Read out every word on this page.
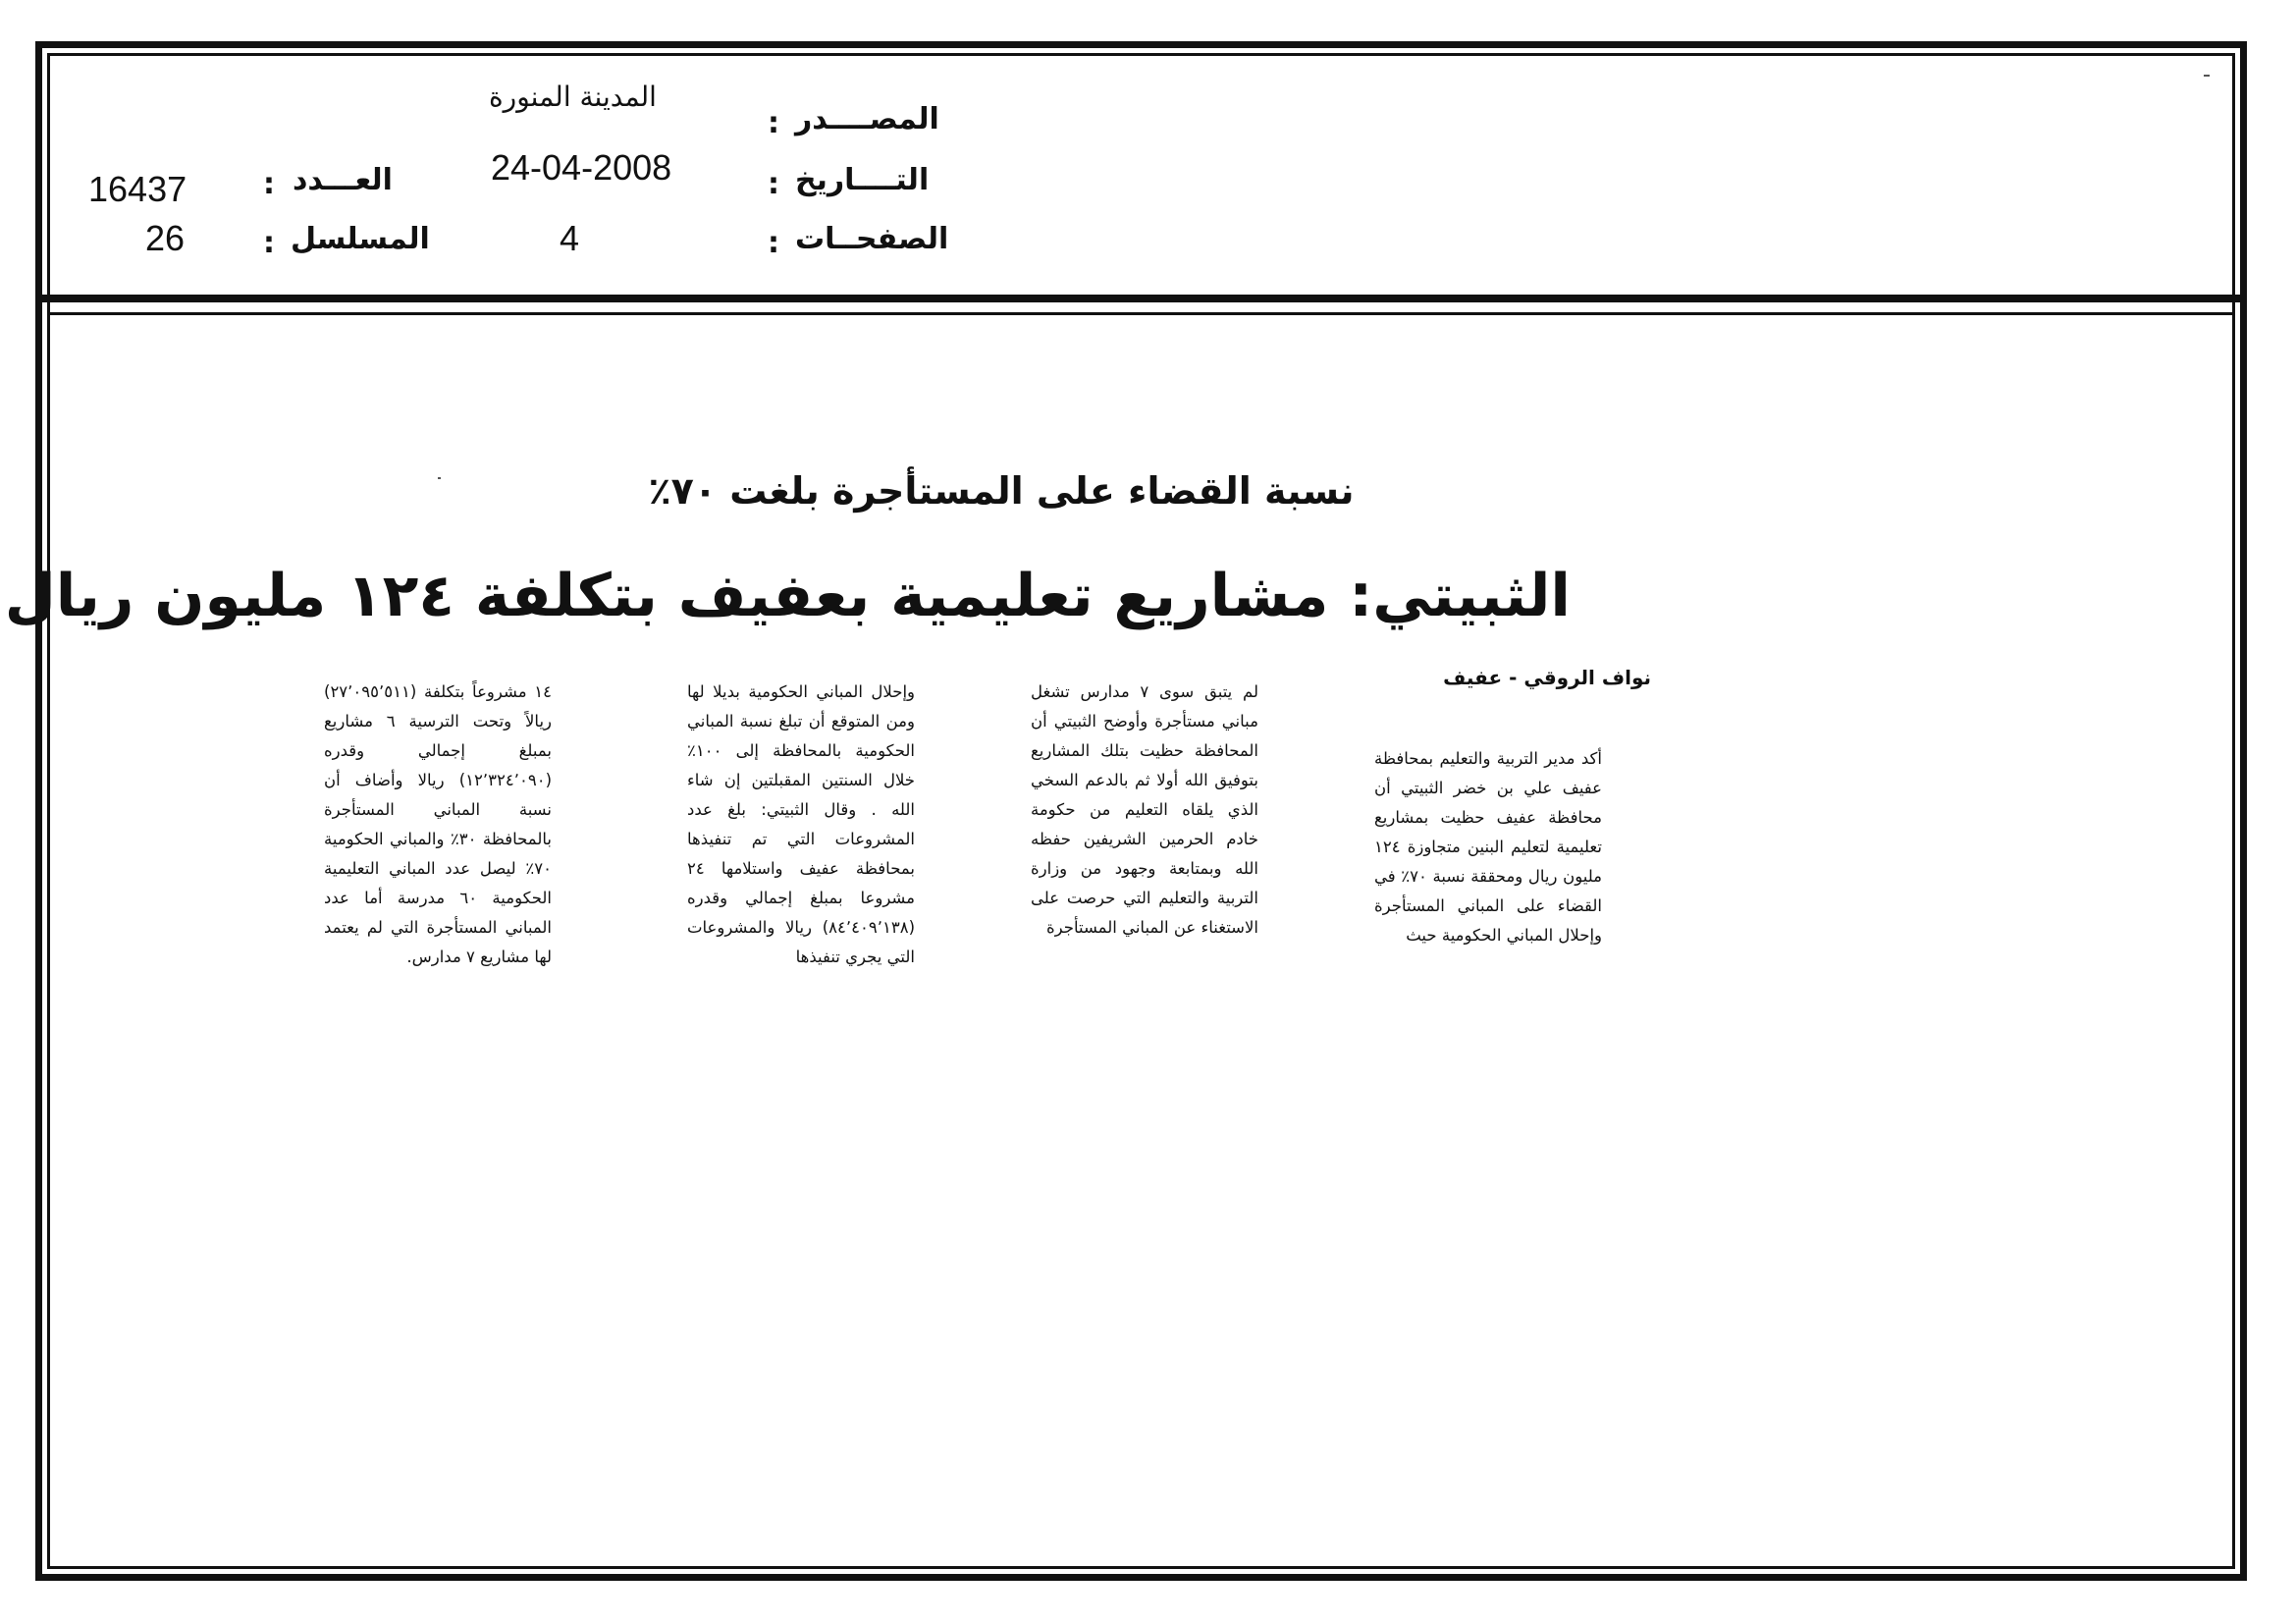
المصــــدر
:
المدينة المنورة
التــــاريخ
:
24-04-2008
الصفحــات
:
4
العـــدد
:
16437
المسلسل
:
26
نسبة القضاء على المستأجرة بلغت ٧٠٪
الثبيتي: مشاريع تعليمية بعفيف بتكلفة ١٢٤ مليون ريال
نواف الروقي - عفيف
أكد مدير التربية والتعليم بمحافظة عفيف علي بن خضر الثبيتي أن محافظة عفيف حظيت بمشاريع تعليمية لتعليم البنين متجاوزة ١٢٤ مليون ريال ومحققة نسبة ٧٠٪ في القضاء على المباني المستأجرة وإحلال المباني الحكومية حيث
لم يتبق سوى ٧ مدارس تشغل مباني مستأجرة وأوضح الثبيتي أن المحافظة حظيت بتلك المشاريع بتوفيق الله أولا ثم بالدعم السخي الذي يلقاه التعليم من حكومة خادم الحرمين الشريفين حفظه الله وبمتابعة وجهود من وزارة التربية والتعليم التي حرصت على الاستغناء عن المباني المستأجرة
وإحلال المباني الحكومية بديلا لها ومن المتوقع أن تبلغ نسبة المباني الحكومية بالمحافظة إلى ١٠٠٪ خلال السنتين المقبلتين إن شاء الله . وقال الثبيتي: بلغ عدد المشروعات التي تم تنفيذها بمحافظة عفيف واستلامها ٢٤ مشروعا بمبلغ إجمالي وقدره (٨٤٬٤٠٩٬١٣٨) ريالا والمشروعات التي يجري تنفيذها
١٤ مشروعاً بتكلفة (٢٧٬٠٩٥٬٥١١) ريالاً وتحت الترسية ٦ مشاريع بمبلغ إجمالي وقدره (١٢٬٣٢٤٬٠٩٠) ريالا وأضاف أن نسبة المباني المستأجرة بالمحافظة ٣٠٪ والمباني الحكومية ٧٠٪ ليصل عدد المباني التعليمية الحكومية ٦٠ مدرسة أما عدد المباني المستأجرة التي لم يعتمد لها مشاريع ٧ مدارس.
